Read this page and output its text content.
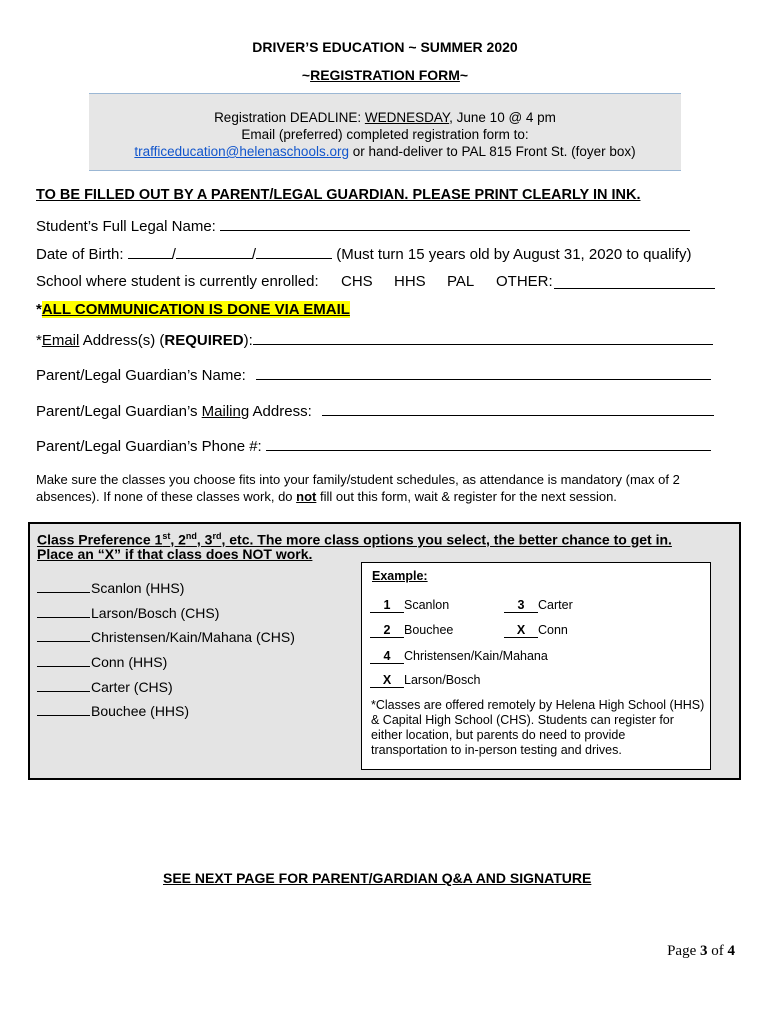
DRIVER’S EDUCATION ~ SUMMER 2020
~REGISTRATION FORM~
Registration DEADLINE: WEDNESDAY, June 10 @ 4 pm
Email (preferred) completed registration form to:
trafficeducation@helenaschools.org or hand-deliver to PAL 815 Front St. (foyer box)
TO BE FILLED OUT BY A PARENT/LEGAL GUARDIAN. PLEASE PRINT CLEARLY IN INK.
Student’s Full Legal Name:
Date of Birth:	/	/	(Must turn 15 years old by August 31, 2020 to qualify)
School where student is currently enrolled: CHS HHS PAL OTHER:
*ALL COMMUNICATION IS DONE VIA EMAIL
*Email Address(s) (REQUIRED):
Parent/Legal Guardian’s Name:
Parent/Legal Guardian’s Mailing Address:
Parent/Legal Guardian’s Phone #:
Make sure the classes you choose fits into your family/student schedules, as attendance is mandatory (max of 2 absences). If none of these classes work, do not fill out this form, wait & register for the next session.
Class Preference 1st, 2nd, 3rd, etc. The more class options you select, the better chance to get in.
Place an “X” if that class does NOT work.
Scanlon (HHS)
Larson/Bosch (CHS)
Christensen/Kain/Mahana (CHS)
Conn (HHS)
Carter (CHS)
Bouchee (HHS)
Example:
1 Scanlon	3 Carter
2 Bouchee	X Conn
4 Christensen/Kain/Mahana
X Larson/Bosch
*Classes are offered remotely by Helena High School (HHS) & Capital High School (CHS). Students can register for either location, but parents do need to provide transportation to in-person testing and drives.
SEE NEXT PAGE FOR PARENT/GARDIAN Q&A AND SIGNATURE
Page 3 of 4
